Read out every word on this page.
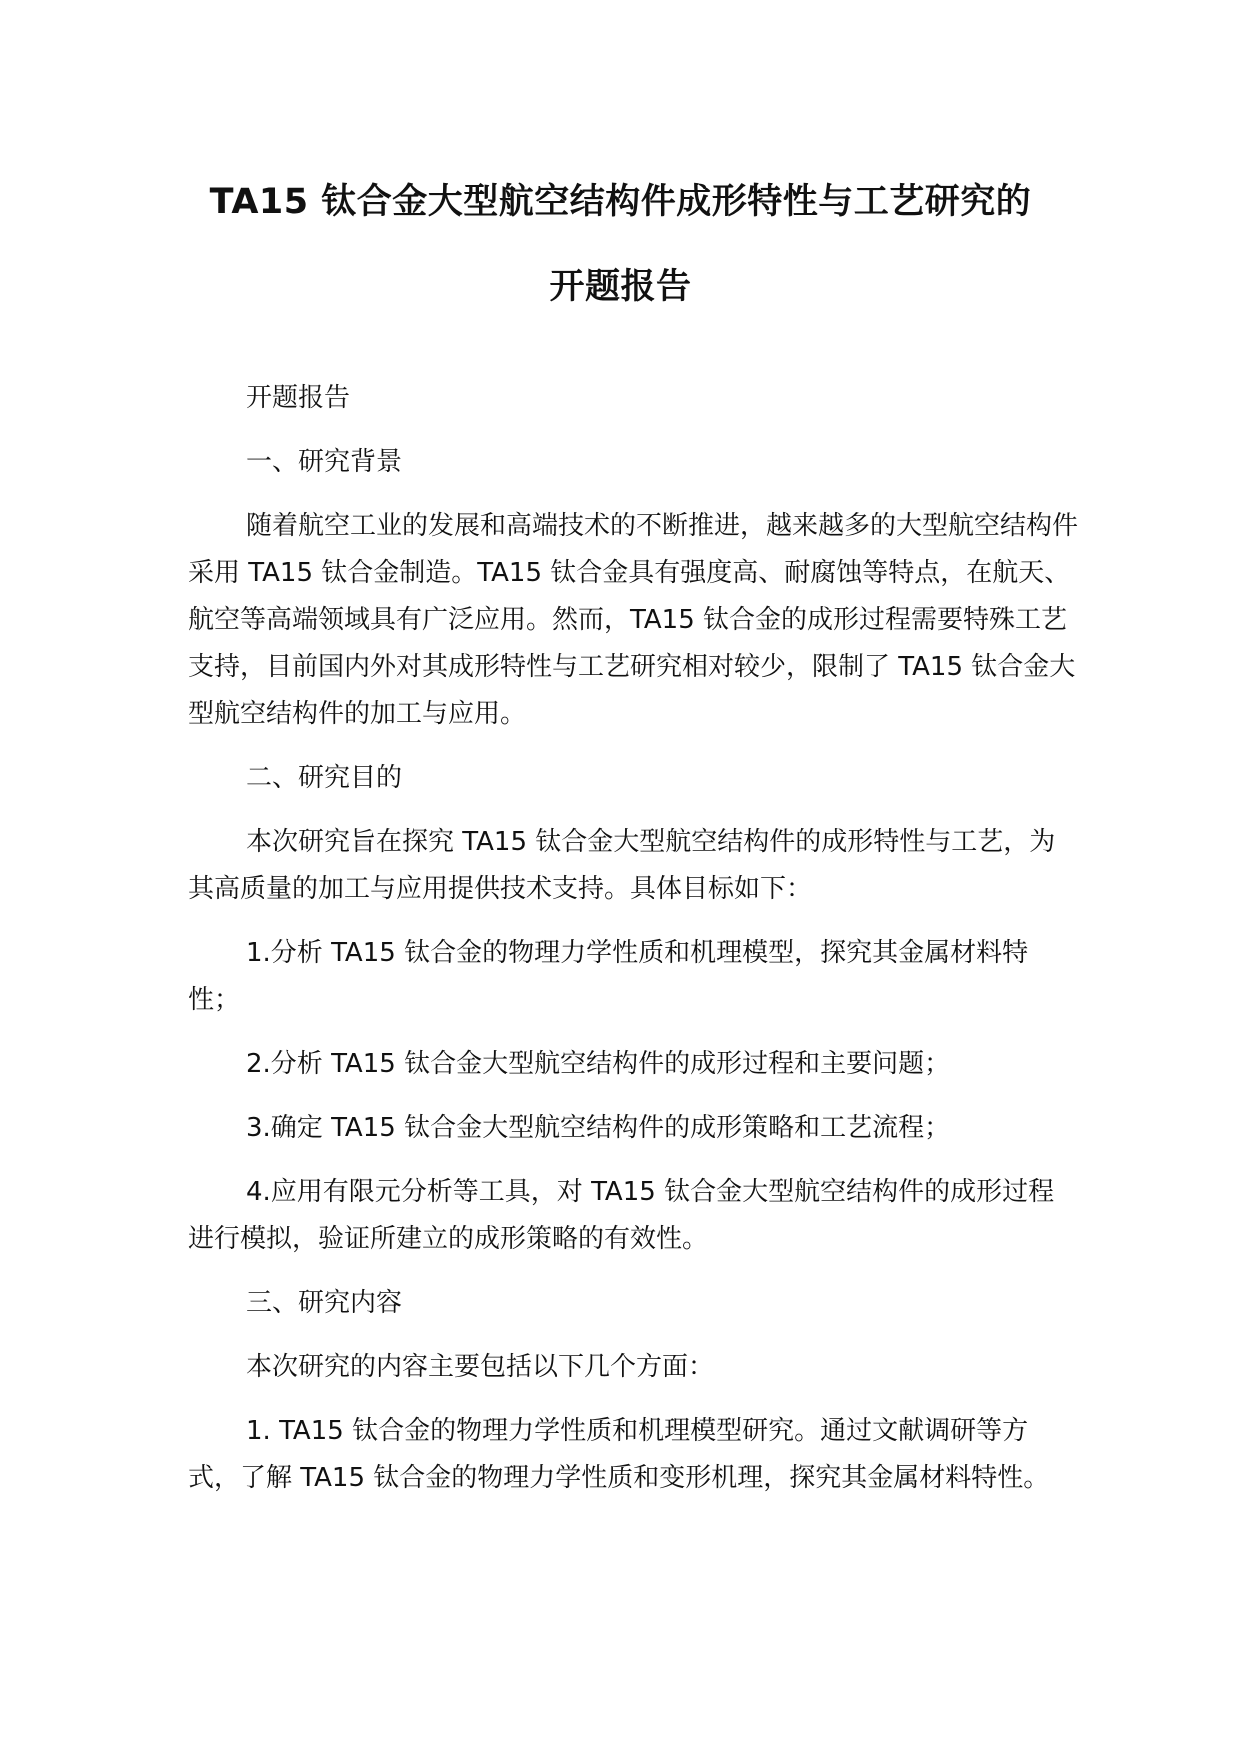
TA15 钛合金大型航空结构件成形特性与工艺研究的
开题报告

开题报告

一、研究背景

随着航空工业的发展和高端技术的不断推进，越来越多的大型航空结构件采用 TA15 钛合金制造。TA15 钛合金具有强度高、耐腐蚀等特点，在航天、航空等高端领域具有广泛应用。然而，TA15 钛合金的成形过程需要特殊工艺支持，目前国内外对其成形特性与工艺研究相对较少，限制了 TA15 钛合金大型航空结构件的加工与应用。

二、研究目的

本次研究旨在探究 TA15 钛合金大型航空结构件的成形特性与工艺，为其高质量的加工与应用提供技术支持。具体目标如下：

1.分析 TA15 钛合金的物理力学性质和机理模型，探究其金属材料特性；

2.分析 TA15 钛合金大型航空结构件的成形过程和主要问题；

3.确定 TA15 钛合金大型航空结构件的成形策略和工艺流程；

4.应用有限元分析等工具，对 TA15 钛合金大型航空结构件的成形过程进行模拟，验证所建立的成形策略的有效性。

三、研究内容

本次研究的内容主要包括以下几个方面：

1. TA15 钛合金的物理力学性质和机理模型研究。通过文献调研等方式，了解 TA15 钛合金的物理力学性质和变形机理，探究其金属材料特性。
